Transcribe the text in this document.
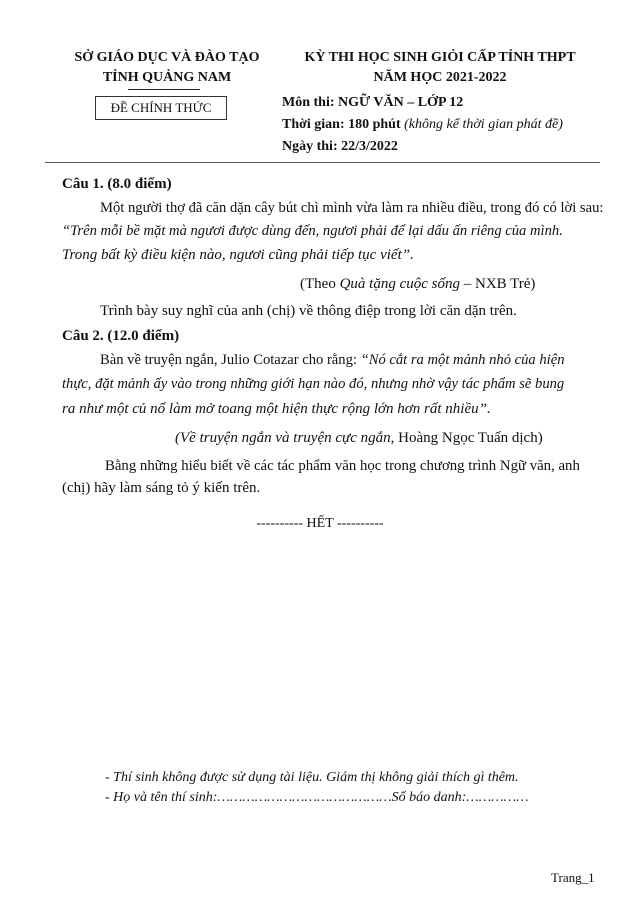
SỞ GIÁO DỤC VÀ ĐÀO TẠO
TỈNH QUẢNG NAM
ĐỀ CHÍNH THỨC
KỲ THI HỌC SINH GIỎI CẤP TỈNH THPT
NĂM HỌC 2021-2022
Môn thi: NGỮ VĂN – LỚP 12
Thời gian: 180 phút (không kể thời gian phát đề)
Ngày thi: 22/3/2022
Câu 1. (8.0 điểm)
Một người thợ đã căn dặn cây bút chì mình vừa làm ra nhiều điều, trong đó có lời sau:
“Trên mỗi bề mặt mà ngươi được dùng đến, ngươi phải để lại dấu ấn riêng của mình.
Trong bất kỳ điều kiện nào, ngươi cũng phải tiếp tục viết”.
(Theo Quà tặng cuộc sống – NXB Trẻ)
Trình bày suy nghĩ của anh (chị) về thông điệp trong lời căn dặn trên.
Câu 2. (12.0 điểm)
Bàn về truyện ngắn, Julio Cotazar cho rằng: “Nó cắt ra một mảnh nhỏ của hiện
thực, đặt mảnh ấy vào trong những giới hạn nào đó, nhưng nhờ vậy tác phẩm sẽ bung
ra như một củ nổ làm mở toang một hiện thực rộng lớn hơn rất nhiều”.
(Về truyện ngắn và truyện cực ngắn, Hoàng Ngọc Tuấn dịch)
Bằng những hiểu biết về các tác phẩm văn học trong chương trình Ngữ văn, anh
(chị) hãy làm sáng tỏ ý kiến trên.
---------- HẾT ----------
- Thí sinh không được sử dụng tài liệu. Giám thị không giải thích gì thêm.
- Họ và tên thí sinh:……………………………………Số báo danh:……………
Trang_1
